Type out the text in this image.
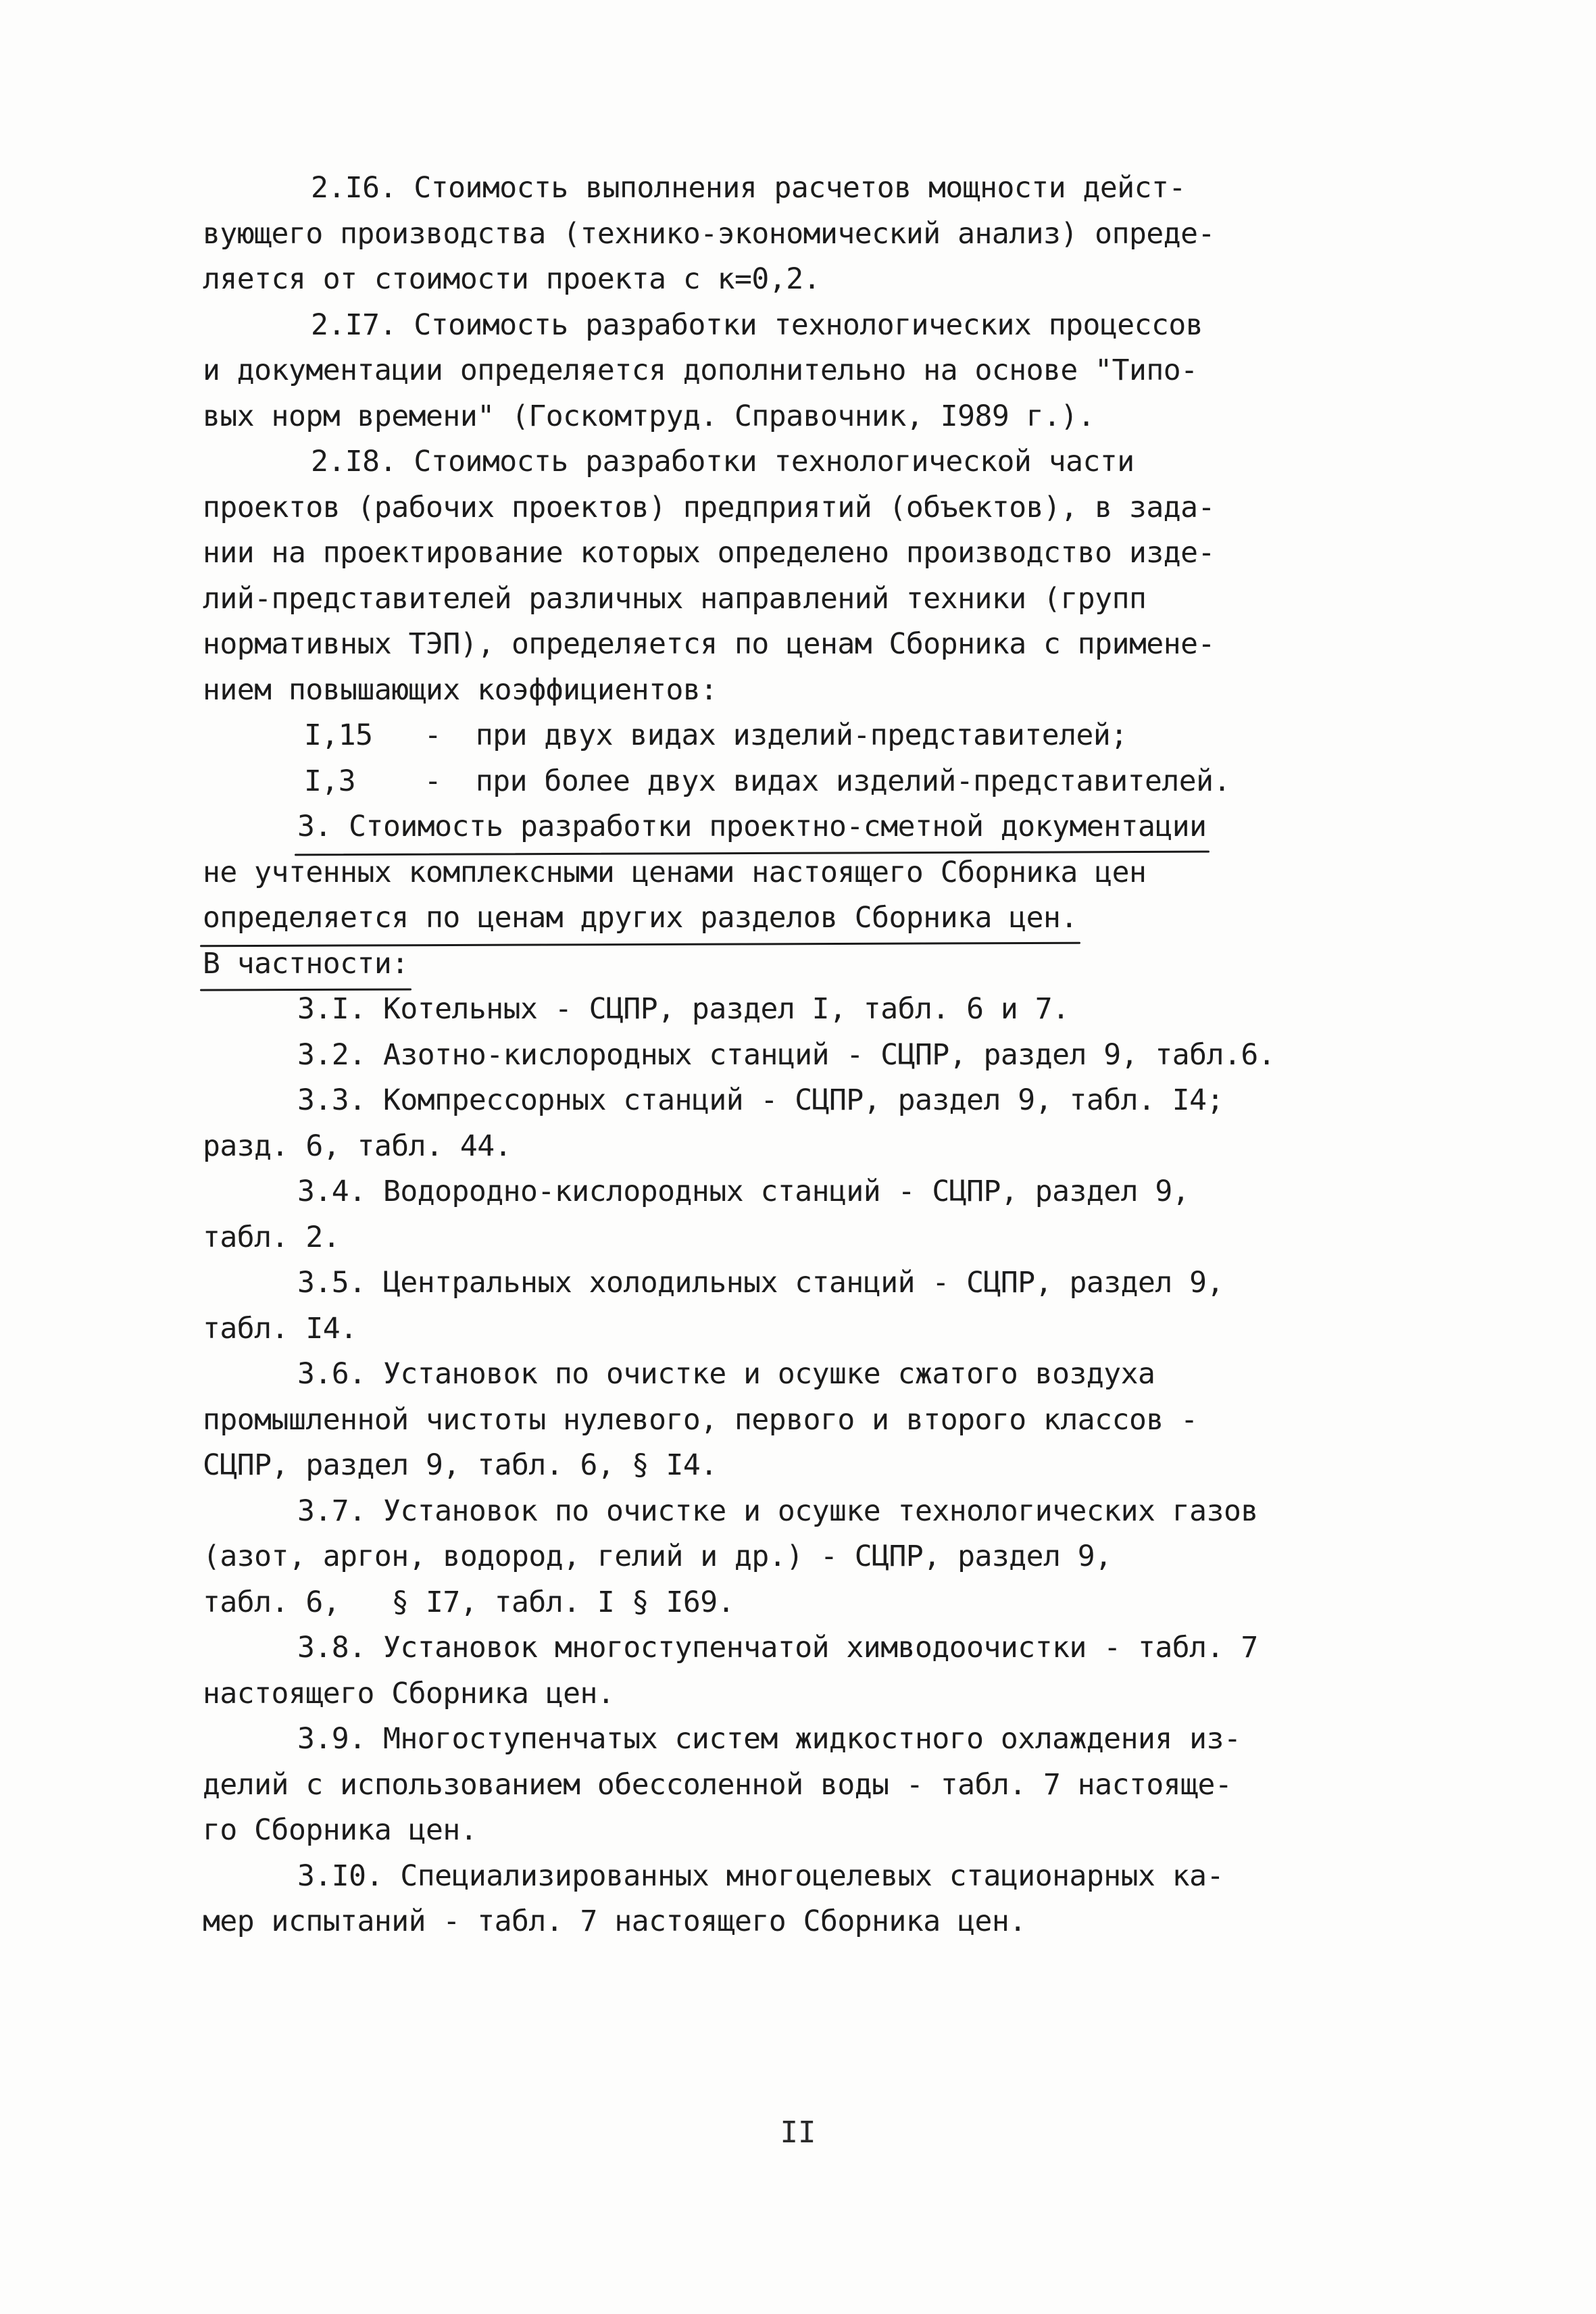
2.I6. Стоимость выполнения расчетов мощности дейст-
вующего производства (технико-экономический анализ) опреде-
ляется от стоимости проекта с к=0,2.
2.I7. Стоимость разработки технологических процессов
и документации определяется дополнительно на основе "Типо-
вых норм времени" (Госкомтруд. Справочник, I989 г.).
2.I8. Стоимость разработки технологической части
проектов (рабочих проектов) предприятий (объектов), в зада-
нии на проектирование которых определено производство изде-
лий-представителей различных направлений техники (групп
нормативных ТЭП), определяется по ценам Сборника с примене-
нием повышающих коэффициентов:
I,15   -  при двух видах изделий-представителей;
I,3    -  при более двух видах изделий-представителей.
3. Стоимость разработки проектно-сметной документации
не учтенных комплексными ценами настоящего Сборника цен
определяется по ценам других разделов Сборника цен.
В частности:
3.I. Котельных - СЦПР, раздел I, табл. 6 и 7.
3.2. Азотно-кислородных станций - СЦПР, раздел 9, табл.6.
3.3. Компрессорных станций - СЦПР, раздел 9, табл. I4;
разд. 6, табл. 44.
3.4. Водородно-кислородных станций - СЦПР, раздел 9,
табл. 2.
3.5. Центральных холодильных станций - СЦПР, раздел 9,
табл. I4.
3.6. Установок по очистке и осушке сжатого воздуха
промышленной чистоты нулевого, первого и второго классов -
СЦПР, раздел 9, табл. 6, § I4.
3.7. Установок по очистке и осушке технологических газов
(азот, аргон, водород, гелий и др.) - СЦПР, раздел 9,
табл. 6,   § I7, табл. I § I69.
3.8. Установок многоступенчатой химводоочистки - табл. 7
настоящего Сборника цен.
3.9. Многоступенчатых систем жидкостного охлаждения из-
делий с использованием обессоленной воды - табл. 7 настояще-
го Сборника цен.
3.I0. Специализированных многоцелевых стационарных ка-
мер испытаний - табл. 7 настоящего Сборника цен.
II
